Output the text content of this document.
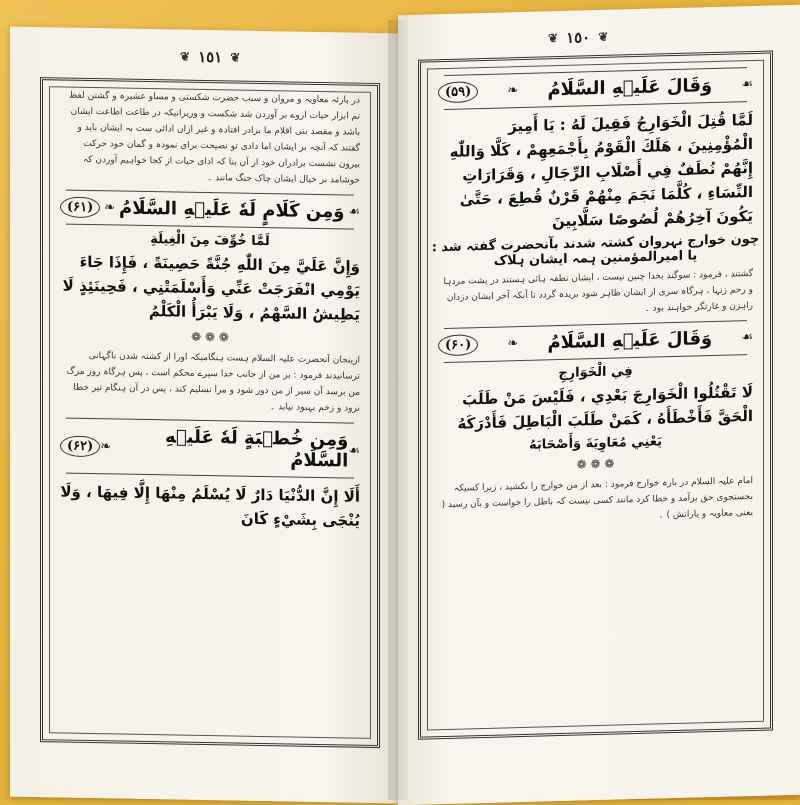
❦ ١٥١ ❦
در بارئہ معاویہ و مروان و سبب حضرت شکستی و مساو عشیرہ و گشتن لفظ تم ابزار حیات ازوے بر آوردن شد شکست و وزیرانیکہ در طاعت اطاعت ایشان باشد و مقصد بنی اقلام ما برادر افتادہ و غیر ازاں ادائی ست بہ ایشان باید و گفتند کہ آنچہ بر ایشان اما دادی تو نصیحت برای نمودہ و گمان خود حرکت بیرون نشست برادران خود از آں بنا کہ ادای حیات از کجا خواہیم آوردن کہ خوشامد بر خیال ایشان چاک جنگ مانند ۔
(۶۱) ❧ وَمِن کَلَامٍ لَهٗ عَلَیۡهِ السَّلَامُ ☙
لَمَّا خُوِّفَ مِنَ الْغِيلَةِ
وَإِنَّ عَلَيَّ مِنَ اللّٰهِ جُنَّةً حَصِينَةً ، فَإِذَا جَاءَ يَوْمِي انْفَرَجَتْ عَنِّي وَأَسْلَمَتْنِي ، فَحِينَئِذٍ لَا يَطِيشُ السَّهْمُ ، وَلَا يَبْرَأُ الْكَلْمُ
❁ ❁ ❁
ازینجان آنحضرت علیہ السلام ہست ہنگامیکہ اورا از کشتہ شدن ناگہانی ترسانیدند فرمود : بر من از جانب خدا سپرے محکم است ، پس ہرگاہ روز مرگ من برسد آن سپر از من دور شود و مرا تسلیم کند ، پس در آن ہنگام تیر خطا نرود و زخم بہبود نیابد ۔
(۶۲) ❧	وَمِن خُطۡبَةٍ لَهٗ عَلَیۡهِ السَّلَامُ ☙
أَلَا إِنَّ الدُّنْيَا دَارٌ لَا يُسْلَمُ مِنْهَا إِلَّا فِيهَا ، وَلَا يُنْجَى بِشَيْءٍ كَانَ
❦ ١٥٠ ❦
(۵۹)	❧ وَقَالَ عَلَیۡهِ السَّلَامُ ☙
لَمَّا قُتِلَ الْخَوَارِجُ فَقِيلَ لَهُ : يَا أَمِيرَ الْمُؤْمِنِينَ ، هَلَكَ الْقَوْمُ بِأَجْمَعِهِمْ ، كَلَّا وَاللّٰهِ إِنَّهُمْ نُطَفٌ فِي أَصْلَابِ الرِّجَالِ ، وَقَرَارَاتِ النِّسَاءِ ، كُلَّمَا نَجَمَ مِنْهُمْ قَرْنٌ قُطِعَ ، حَتَّىٰ يَكُونَ آخِرُهُمْ لُصُوصًا سَلَّابِينَ
چون خوارج نہروان کشتہ شدند بآنحضرت گفتہ شد : یا امیرالمؤمنین ہمہ ایشان ہلاک
گشتند ، فرمود : سوگند بخدا چنین نیست ، ایشان نطفہ ہائی ہستند در پشت مردہا و رحم زنہا ، ہرگاہ سری از ایشان ظاہر شود بریدہ گردد تا آنکہ آخر ایشان دزدان راہزن و غارتگر خواہند بود ۔
(۶۰)	❧ وَقَالَ عَلَیۡهِ السَّلَامُ ☙
فِي الْخَوَارِجِ
لَا تَقْتُلُوا الْخَوَارِجَ بَعْدِي ، فَلَيْسَ مَنْ طَلَبَ الْحَقَّ فَأَخْطَأَهُ ، كَمَنْ طَلَبَ الْبَاطِلَ فَأَدْرَكَهُ
يَعْنِي مُعَاوِيَةَ وَأَصْحَابَهُ
❁ ❁ ❁
امام علیہ السلام در بارہ خوارج فرمود : بعد از من خوارج را نکشید ، زیرا کسیکہ بجستجوی حق برآمد و خطا کرد مانند کسی نیست کہ باطل را خواست و بآن رسید ( یعنی معاویہ و یارانش ) ۔
